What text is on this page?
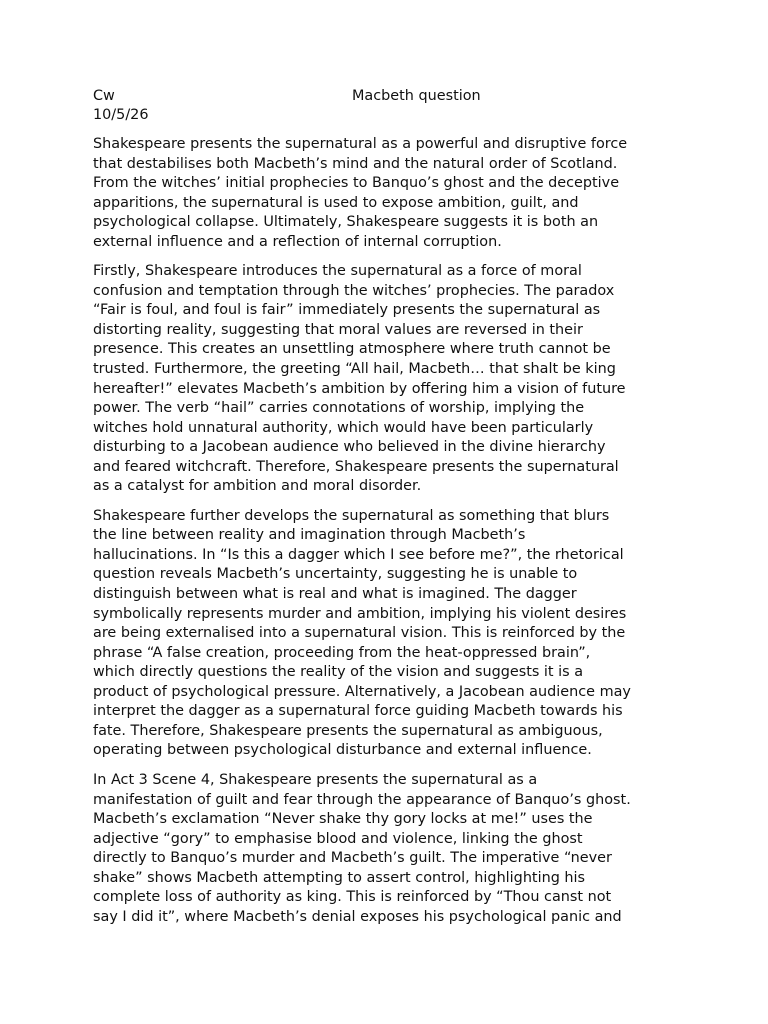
Cw	Macbeth question
10/5/26

Shakespeare presents the supernatural as a powerful and disruptive force
that destabilises both Macbeth’s mind and the natural order of Scotland.
From the witches’ initial prophecies to Banquo’s ghost and the deceptive
apparitions, the supernatural is used to expose ambition, guilt, and
psychological collapse. Ultimately, Shakespeare suggests it is both an
external influence and a reflection of internal corruption.

Firstly, Shakespeare introduces the supernatural as a force of moral
confusion and temptation through the witches’ prophecies. The paradox
“Fair is foul, and foul is fair” immediately presents the supernatural as
distorting reality, suggesting that moral values are reversed in their
presence. This creates an unsettling atmosphere where truth cannot be
trusted. Furthermore, the greeting “All hail, Macbeth… that shalt be king
hereafter!” elevates Macbeth’s ambition by offering him a vision of future
power. The verb “hail” carries connotations of worship, implying the
witches hold unnatural authority, which would have been particularly
disturbing to a Jacobean audience who believed in the divine hierarchy
and feared witchcraft. Therefore, Shakespeare presents the supernatural
as a catalyst for ambition and moral disorder.

Shakespeare further develops the supernatural as something that blurs
the line between reality and imagination through Macbeth’s
hallucinations. In “Is this a dagger which I see before me?”, the rhetorical
question reveals Macbeth’s uncertainty, suggesting he is unable to
distinguish between what is real and what is imagined. The dagger
symbolically represents murder and ambition, implying his violent desires
are being externalised into a supernatural vision. This is reinforced by the
phrase “A false creation, proceeding from the heat-oppressed brain”,
which directly questions the reality of the vision and suggests it is a
product of psychological pressure. Alternatively, a Jacobean audience may
interpret the dagger as a supernatural force guiding Macbeth towards his
fate. Therefore, Shakespeare presents the supernatural as ambiguous,
operating between psychological disturbance and external influence.

In Act 3 Scene 4, Shakespeare presents the supernatural as a
manifestation of guilt and fear through the appearance of Banquo’s ghost.
Macbeth’s exclamation “Never shake thy gory locks at me!” uses the
adjective “gory” to emphasise blood and violence, linking the ghost
directly to Banquo’s murder and Macbeth’s guilt. The imperative “never
shake” shows Macbeth attempting to assert control, highlighting his
complete loss of authority as king. This is reinforced by “Thou canst not
say I did it”, where Macbeth’s denial exposes his psychological panic and
